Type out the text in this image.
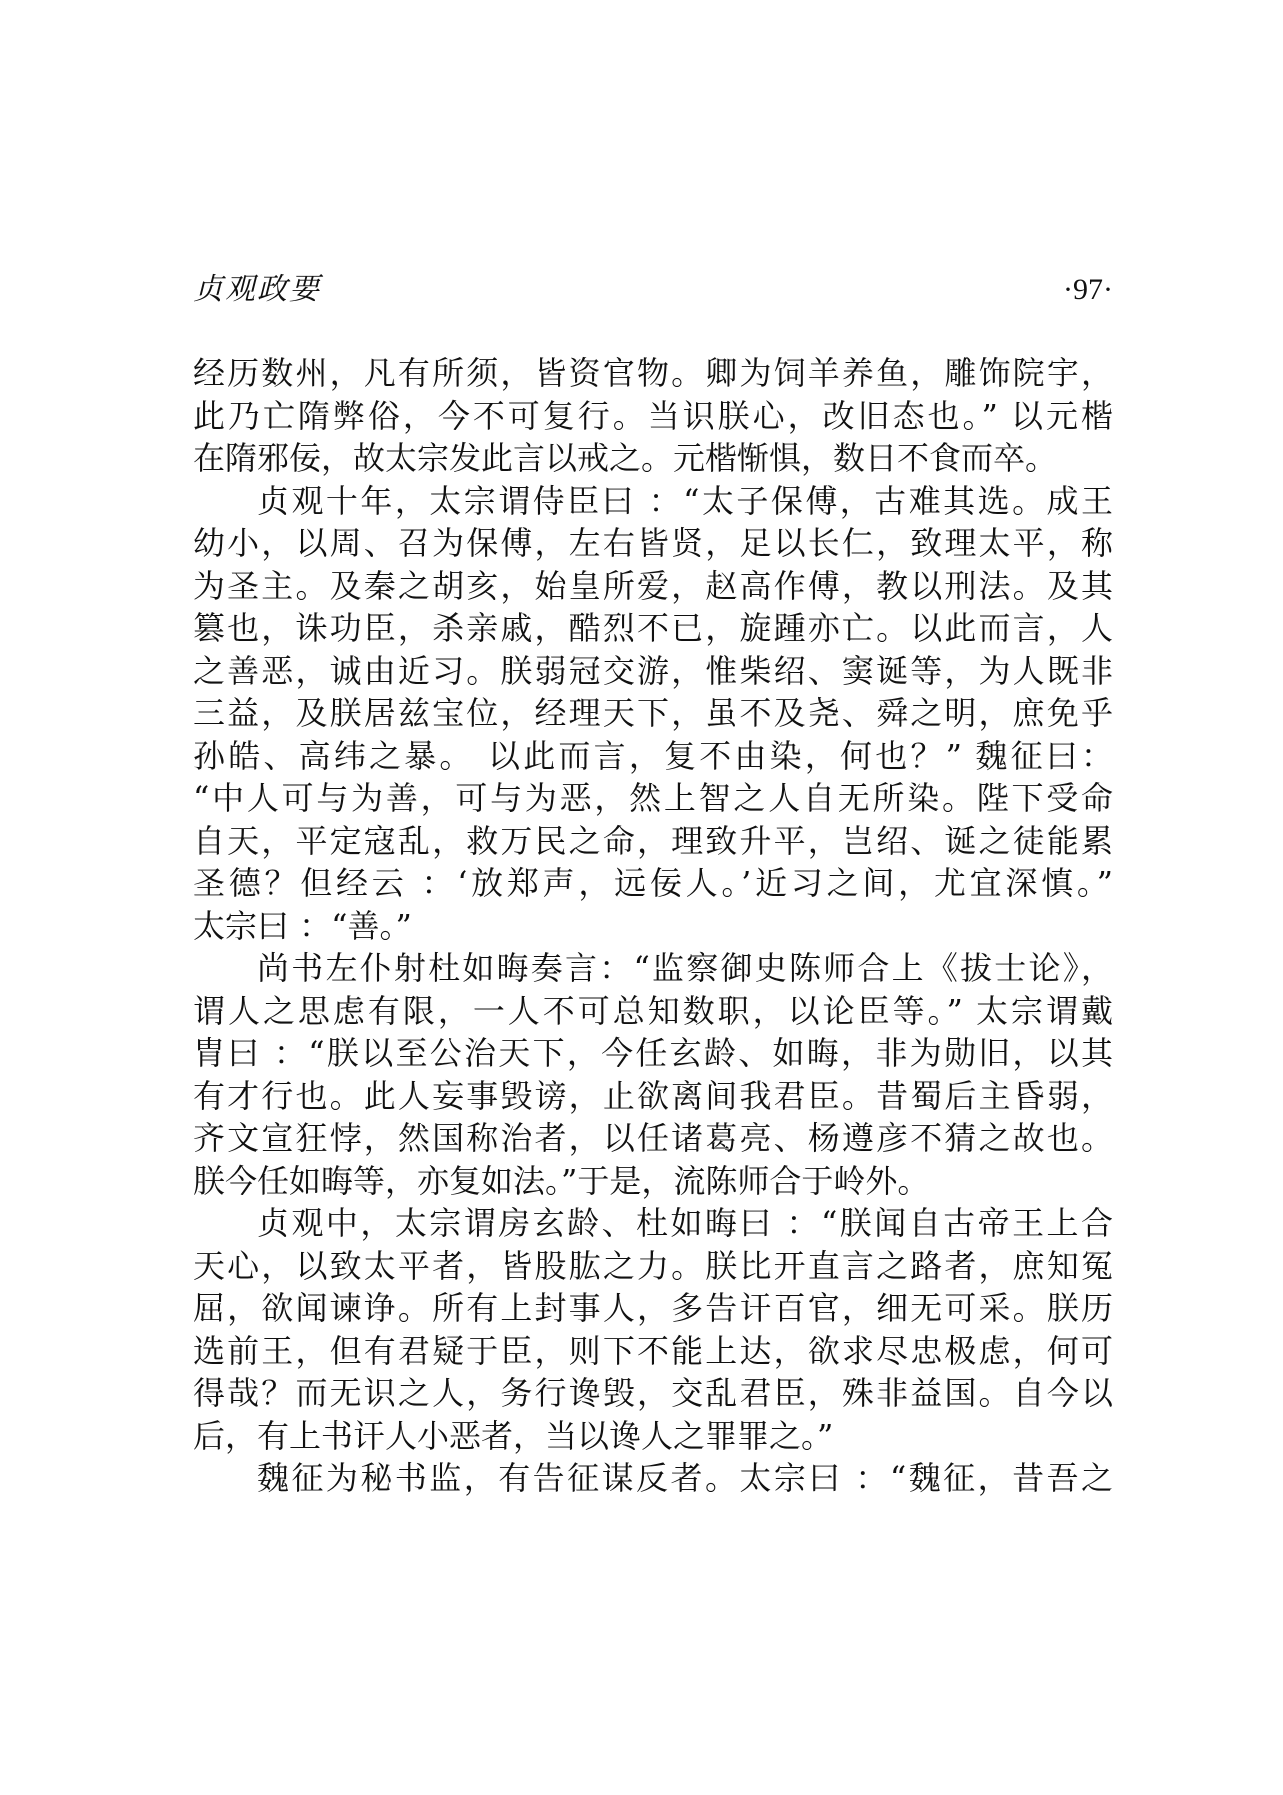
贞观政要	·97·
经历数州，凡有所须，皆资官物。卿为饲羊养鱼，雕饰院宇，
此乃亡隋弊俗，今不可复行。当识朕心，改旧态也。” 以元楷
在隋邪佞，故太宗发此言以戒之。元楷惭惧，数日不食而卒。
贞观十年，太宗谓侍臣曰 ：“太子保傅，古难其选。成王
幼小，以周、召为保傅，左右皆贤，足以长仁，致理太平，称
为圣主。及秦之胡亥，始皇所爱，赵高作傅，教以刑法。及其
篡也，诛功臣，杀亲戚，酷烈不已，旋踵亦亡。以此而言，人
之善恶，诚由近习。朕弱冠交游，惟柴绍、窦诞等，为人既非
三益，及朕居兹宝位，经理天下，虽不及尧、舜之明，庶免乎
孙皓、高纬之暴。 以此而言，复不由染，何也？” 魏征曰：
“中人可与为善，可与为恶，然上智之人自无所染。陛下受命
自天，平定寇乱，救万民之命，理致升平，岂绍、诞之徒能累
圣德？但经云 ：‘放郑声，远佞人。’近习之间，尤宜深慎。”
太宗曰 ：“善。”
尚书左仆射杜如晦奏言：“监察御史陈师合上《拔士论》，
谓人之思虑有限，一人不可总知数职，以论臣等。” 太宗谓戴
胄曰 ：“朕以至公治天下，今任玄龄、如晦，非为勋旧，以其
有才行也。此人妄事毁谤，止欲离间我君臣。昔蜀后主昏弱，
齐文宣狂悖，然国称治者，以任诸葛亮、杨遵彦不猜之故也。
朕今任如晦等，亦复如法。”于是，流陈师合于岭外。
贞观中，太宗谓房玄龄、杜如晦曰 ：“朕闻自古帝王上合
天心，以致太平者，皆股肱之力。朕比开直言之路者，庶知冤
屈，欲闻谏诤。所有上封事人，多告讦百官，细无可采。朕历
选前王，但有君疑于臣，则下不能上达，欲求尽忠极虑，何可
得哉？而无识之人，务行谗毁，交乱君臣，殊非益国。自今以
后，有上书讦人小恶者，当以谗人之罪罪之。”
魏征为秘书监，有告征谋反者。太宗曰 ：“魏征，昔吾之
